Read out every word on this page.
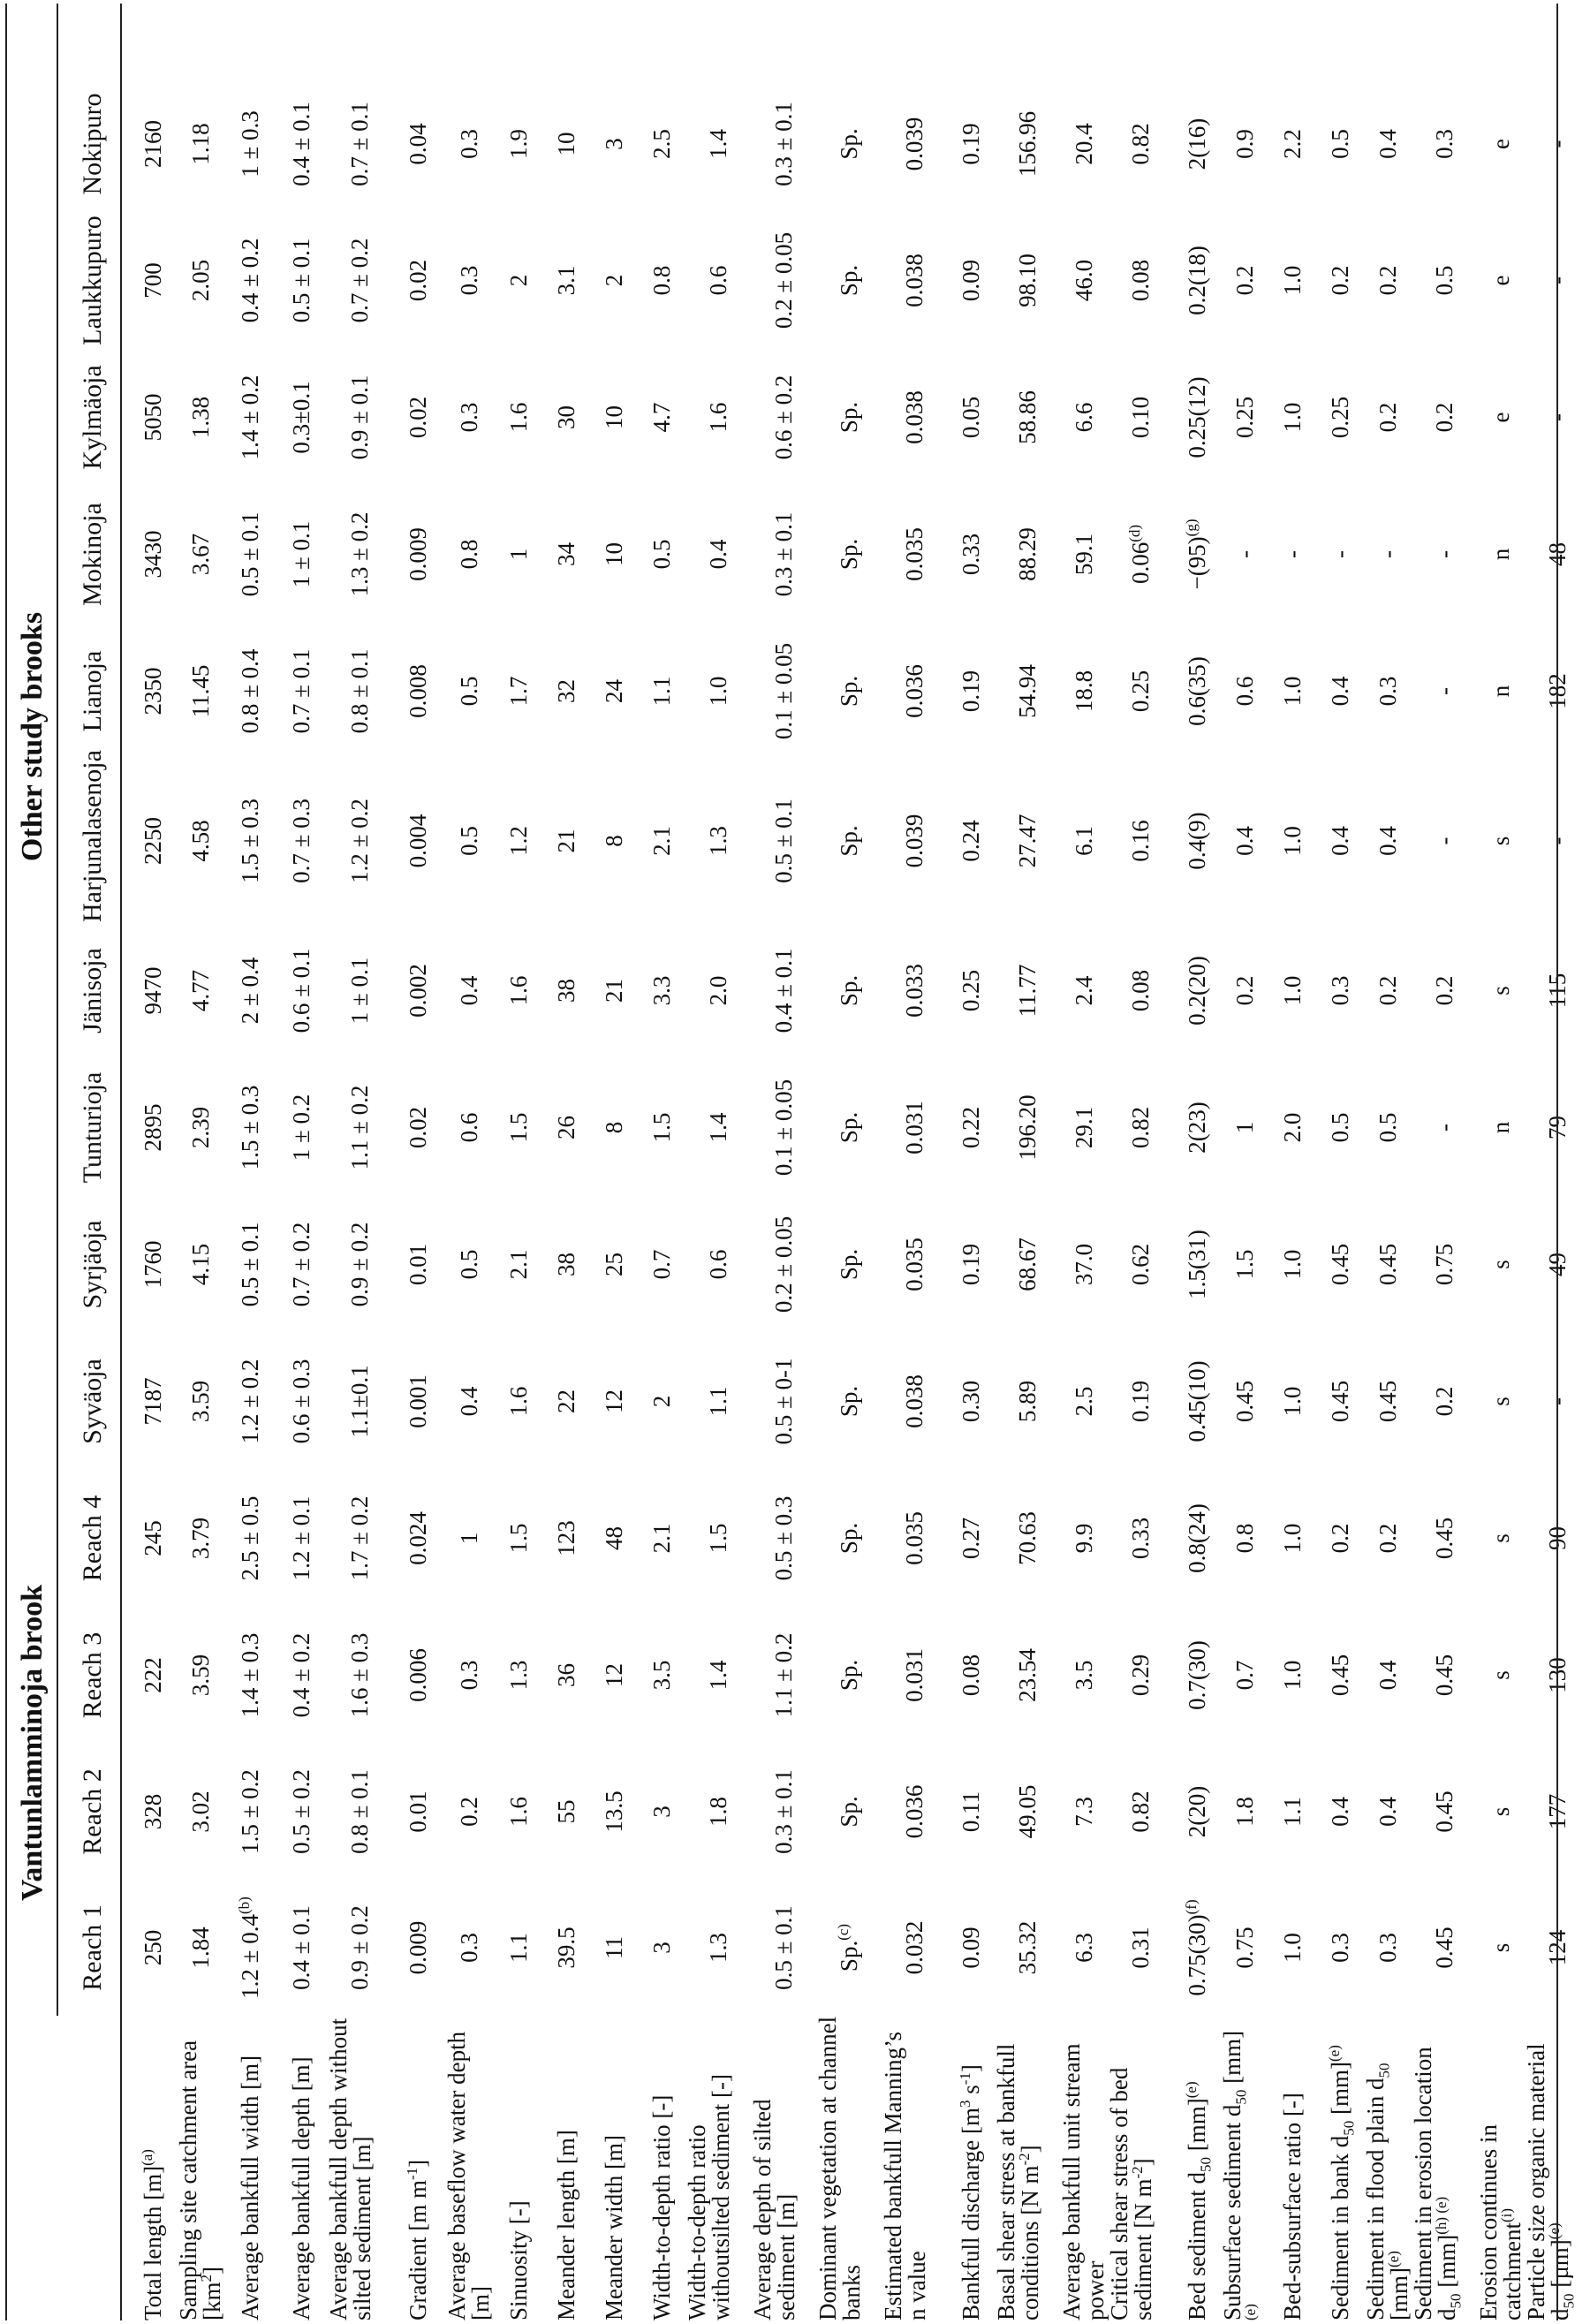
Vantunlamminoja brook
Other study brooks
Reach 1
Reach 2
Reach 3
Reach 4
Syväoja
Syrjäoja
Tunturioja
Jänisoja
Harjunalasenoja
Lianoja
Mokinoja
Kylmäoja
Laukkupuro
Nokipuro
Total length $[m]^{(a)}$
250
328
222
245
7187
1760
2895
9470
2250
2350
3430
5050
700
2160
Sampling site catchment area $[km^2]$
1.84
3.02
3.59
3.79
3.59
4.15
2.39
4.77
4.58
11.45
3.67
1.38
2.05
1.18
Average bankfull width [m]
$1.2 \pm 0.4^{(b)}$
1.5 ± 0.2
1.4 ± 0.3
2.5 ± 0.5
1.2 ± 0.2
0.5 ± 0.1
1.5 ± 0.3
2 ± 0.4
1.5 ± 0.3
0.8 ± 0.4
0.5 ± 0.1
1.4 ± 0.2
0.4 ± 0.2
1 ± 0.3
Average bankfull depth [m]
0.4 ± 0.1
0.5 ± 0.2
0.4 ± 0.2
1.2 ± 0.1
0.6 ± 0.3
0.7 ± 0.2
1 ± 0.2
0.6 ± 0.1
0.7 ± 0.3
0.7 ± 0.1
1 ± 0.1
0.3±0.1
0.5 ± 0.1
0.4 ± 0.1
Average bankfull depth without silted sediment [m]
0.9 ± 0.2
0.8 ± 0.1
1.6 ± 0.3
1.7 ± 0.2
1.1±0.1
0.9 ± 0.2
1.1 ± 0.2
1 ± 0.1
1.2 ± 0.2
0.8 ± 0.1
1.3 ± 0.2
0.9 ± 0.1
0.7 ± 0.2
0.7 ± 0.1
Gradient [m $m^{-1}$]
0.009
0.01
0.006
0.024
0.001
0.01
0.02
0.002
0.004
0.008
0.009
0.02
0.02
0.04
Average baseflow water depth [m]
0.3
0.2
0.3
1
0.4
0.5
0.6
0.4
0.5
0.5
0.8
0.3
0.3
0.3
Sinuosity [-]
1.1
1.6
1.3
1.5
1.6
2.1
1.5
1.6
1.2
1.7
1
1.6
2
1.9
Meander length [m]
39.5
55
36
123
22
38
26
38
21
32
34
30
3.1
10
Meander width [m]
11
13.5
12
48
12
25
8
21
8
24
10
10
2
3
Width-to-depth ratio [-]
3
3
3.5
2.1
2
0.7
1.5
3.3
2.1
1.1
0.5
4.7
0.8
2.5
Width-to-depth ratio withoutsilted sediment [-]
1.3
1.8
1.4
1.5
1.1
0.6
1.4
2.0
1.3
1.0
0.4
1.6
0.6
1.4
Average depth of silted sediment [m]
0.5 ± 0.1
0.3 ± 0.1
1.1 ± 0.2
0.5 ± 0.3
0.5 ± 0-1
0.2 ± 0.05
0.1 ± 0.05
0.4 ± 0.1
0.5 ± 0.1
0.1 ± 0.05
0.3 ± 0.1
0.6 ± 0.2
0.2 ± 0.05
0.3 ± 0.1
Dominant vegetation at channel banks
Sp.$^{(c)}$
Sp.
Sp.
Sp.
Sp.
Sp.
Sp.
Sp.
Sp.
Sp.
Sp.
Sp.
Sp.
Sp.
Estimated bankfull Manning’s n value
0.032
0.036
0.031
0.035
0.038
0.035
0.031
0.033
0.039
0.036
0.035
0.038
0.038
0.039
Bankfull discharge [$m^3$ $s^{-1}$]
0.09
0.11
0.08
0.27
0.30
0.19
0.22
0.25
0.24
0.19
0.33
0.05
0.09
0.19
Basal shear stress at bankfull conditions [N $m^{-2}$]
35.32
49.05
23.54
70.63
5.89
68.67
196.20
11.77
27.47
54.94
88.29
58.86
98.10
156.96
Average bankfull unit stream power
6.3
7.3
3.5
9.9
2.5
37.0
29.1
2.4
6.1
18.8
59.1
6.6
46.0
20.4
Critical shear stress of bed sediment [N $m^{-2}$]
0.31
0.82
0.29
0.33
0.19
0.62
0.82
0.08
0.16
0.25
0.06$^{(d)}$
0.10
0.08
0.82
Bed sediment $d_{50}$ [mm]$^{(e)}$
$0.75(30)^{(f)}$
2(20)
0.7(30)
0.8(24)
0.45(10)
1.5(31)
2(23)
0.2(20)
0.4(9)
0.6(35)
$-(95)^{(g)}$
0.25(12)
0.2(18)
2(16)
Subsurface sediment $d_{50}$ [mm]$^{(e)}$
0.75
1.8
0.7
0.8
0.45
1.5
1
0.2
0.4
0.6
-
0.25
0.2
0.9
Bed-subsurface ratio [-]
1.0
1.1
1.0
1.0
1.0
1.0
2.0
1.0
1.0
1.0
-
1.0
1.0
2.2
Sediment in bank $d_{50}$ [mm]$^{(e)}$
0.3
0.4
0.45
0.2
0.45
0.45
0.5
0.3
0.4
0.4
-
0.25
0.2
0.5
Sediment in flood plain $d_{50}$ [mm]$^{(e)}$
0.3
0.4
0.4
0.2
0.45
0.45
0.5
0.2
0.4
0.3
-
0.2
0.2
0.4
Sediment in erosion location $d_{50}$ [mm]$^{(h) (e)}$
0.45
0.45
0.45
0.45
0.2
0.75
-
0.2
-
-
-
0.2
0.5
0.3
Erosion continues in catchment$^{(i)}$
s
s
s
s
s
s
n
s
s
n
n
e
e
e
Particle size organic material $d_{50}$ $[\mu m]^{(e)}$
124
177
130
90
-
49
79
115
-
182
48
-
-
-
